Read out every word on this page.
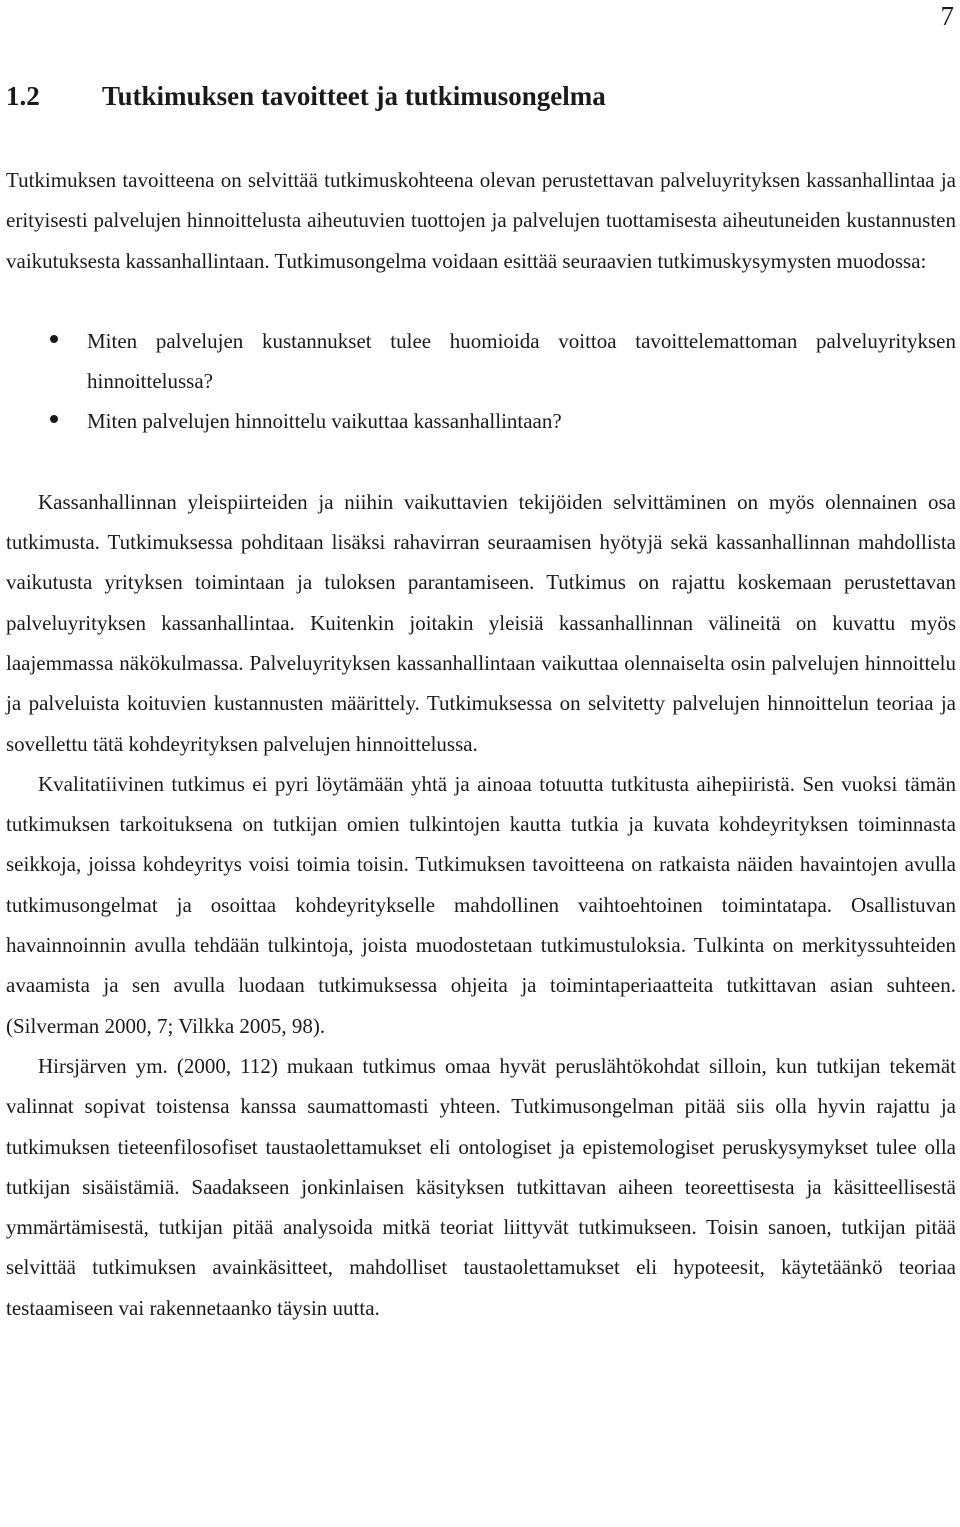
7
1.2 Tutkimuksen tavoitteet ja tutkimusongelma

Tutkimuksen tavoitteena on selvittää tutkimuskohteena olevan perustettavan palveluyrityksen kassanhallintaa ja erityisesti palvelujen hinnoittelusta aiheutuvien tuottojen ja palvelujen tuottamisesta aiheutuneiden kustannusten vaikutuksesta kassanhallintaan. Tutkimusongelma voidaan esittää seuraavien tutkimuskysymysten muodossa:

Miten palvelujen kustannukset tulee huomioida voittoa tavoittelemattoman palveluyrityksen hinnoittelussa?
Miten palvelujen hinnoittelu vaikuttaa kassanhallintaan?

Kassanhallinnan yleispiirteiden ja niihin vaikuttavien tekijöiden selvittäminen on myös olennainen osa tutkimusta. Tutkimuksessa pohditaan lisäksi rahavirran seuraamisen hyötyjä sekä kassanhallinnan mahdollista vaikutusta yrityksen toimintaan ja tuloksen parantamiseen. Tutkimus on rajattu koskemaan perustettavan palveluyrityksen kassanhallintaa. Kuitenkin joitakin yleisiä kassanhallinnan välineitä on kuvattu myös laajemmassa näkökulmassa. Palveluyrityksen kassanhallintaan vaikuttaa olennaiselta osin palvelujen hinnoittelu ja palveluista koituvien kustannusten määrittely. Tutkimuksessa on selvitetty palvelujen hinnoittelun teoriaa ja sovellettu tätä kohdeyrityksen palvelujen hinnoittelussa.

Kvalitatiivinen tutkimus ei pyri löytämään yhtä ja ainoaa totuutta tutkitusta aihepiiristä. Sen vuoksi tämän tutkimuksen tarkoituksena on tutkijan omien tulkintojen kautta tutkia ja kuvata kohdeyrityksen toiminnasta seikkoja, joissa kohdeyritys voisi toimia toisin. Tutkimuksen tavoitteena on ratkaista näiden havaintojen avulla tutkimusongelmat ja osoittaa kohdeyritykselle mahdollinen vaihtoehtoinen toimintatapa. Osallistuvan havainnoinnin avulla tehdään tulkintoja, joista muodostetaan tutkimustuloksia. Tulkinta on merkityssuhteiden avaamista ja sen avulla luodaan tutkimuksessa ohjeita ja toimintaperiaatteita tutkittavan asian suhteen. (Silverman 2000, 7; Vilkka 2005, 98).

Hirsjärven ym. (2000, 112) mukaan tutkimus omaa hyvät peruslähtökohdat silloin, kun tutkijan tekemät valinnat sopivat toistensa kanssa saumattomasti yhteen. Tutkimusongelman pitää siis olla hyvin rajattu ja tutkimuksen tieteenfilosofiset taustaolettamukset eli ontologiset ja epistemologiset peruskysymykset tulee olla tutkijan sisäistämiä. Saadakseen jonkinlaisen käsityksen tutkittavan aiheen teoreettisesta ja käsitteellisestä ymmärtämisestä, tutkijan pitää analysoida mitkä teoriat liittyvät tutkimukseen. Toisin sanoen, tutkijan pitää selvittää tutkimuksen avainkäsitteet, mahdolliset taustaolettamukset eli hypoteesit, käytetäänkö teoriaa testaamiseen vai rakennetaanko täysin uutta.
